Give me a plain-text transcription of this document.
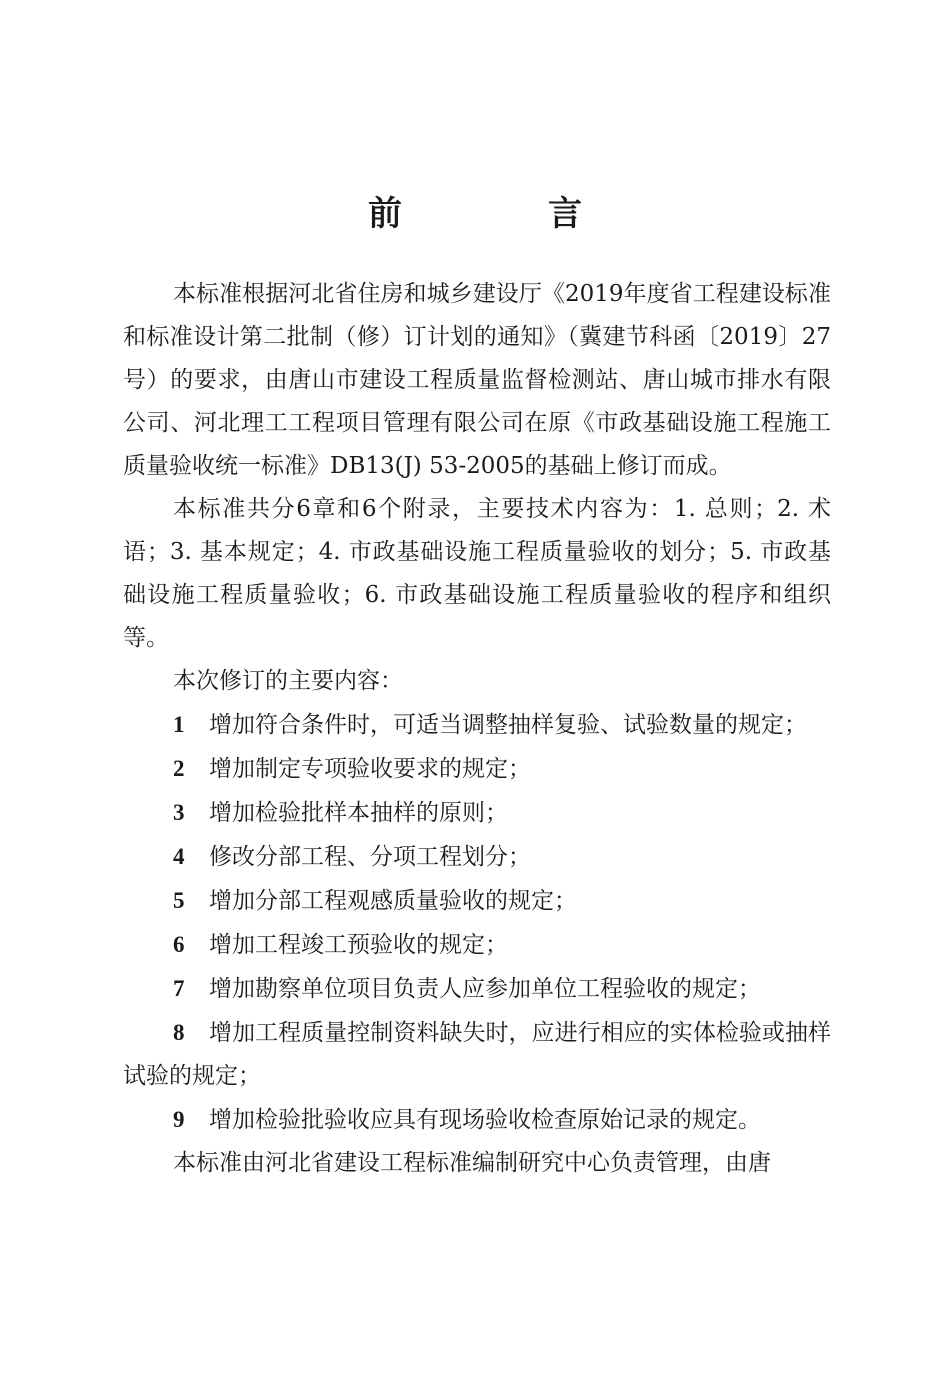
前　言

本标准根据河北省住房和城乡建设厅《2019年度省工程建设标准和标准设计第二批制（修）订计划的通知》（冀建节科函〔2019〕27号）的要求，由唐山市建设工程质量监督检测站、唐山城市排水有限公司、河北理工工程项目管理有限公司在原《市政基础设施工程施工质量验收统一标准》DB13(J) 53-2005的基础上修订而成。

本标准共分6章和6个附录，主要技术内容为：1. 总则；2. 术语；3. 基本规定；4. 市政基础设施工程质量验收的划分；5. 市政基础设施工程质量验收；6. 市政基础设施工程质量验收的程序和组织等。

本次修订的主要内容：

1 增加符合条件时，可适当调整抽样复验、试验数量的规定；

2 增加制定专项验收要求的规定；

3 增加检验批样本抽样的原则；

4 修改分部工程、分项工程划分；

5 增加分部工程观感质量验收的规定；

6 增加工程竣工预验收的规定；

7 增加勘察单位项目负责人应参加单位工程验收的规定；

8 增加工程质量控制资料缺失时，应进行相应的实体检验或抽样试验的规定；

9 增加检验批验收应具有现场验收检查原始记录的规定。

本标准由河北省建设工程标准编制研究中心负责管理，由唐
